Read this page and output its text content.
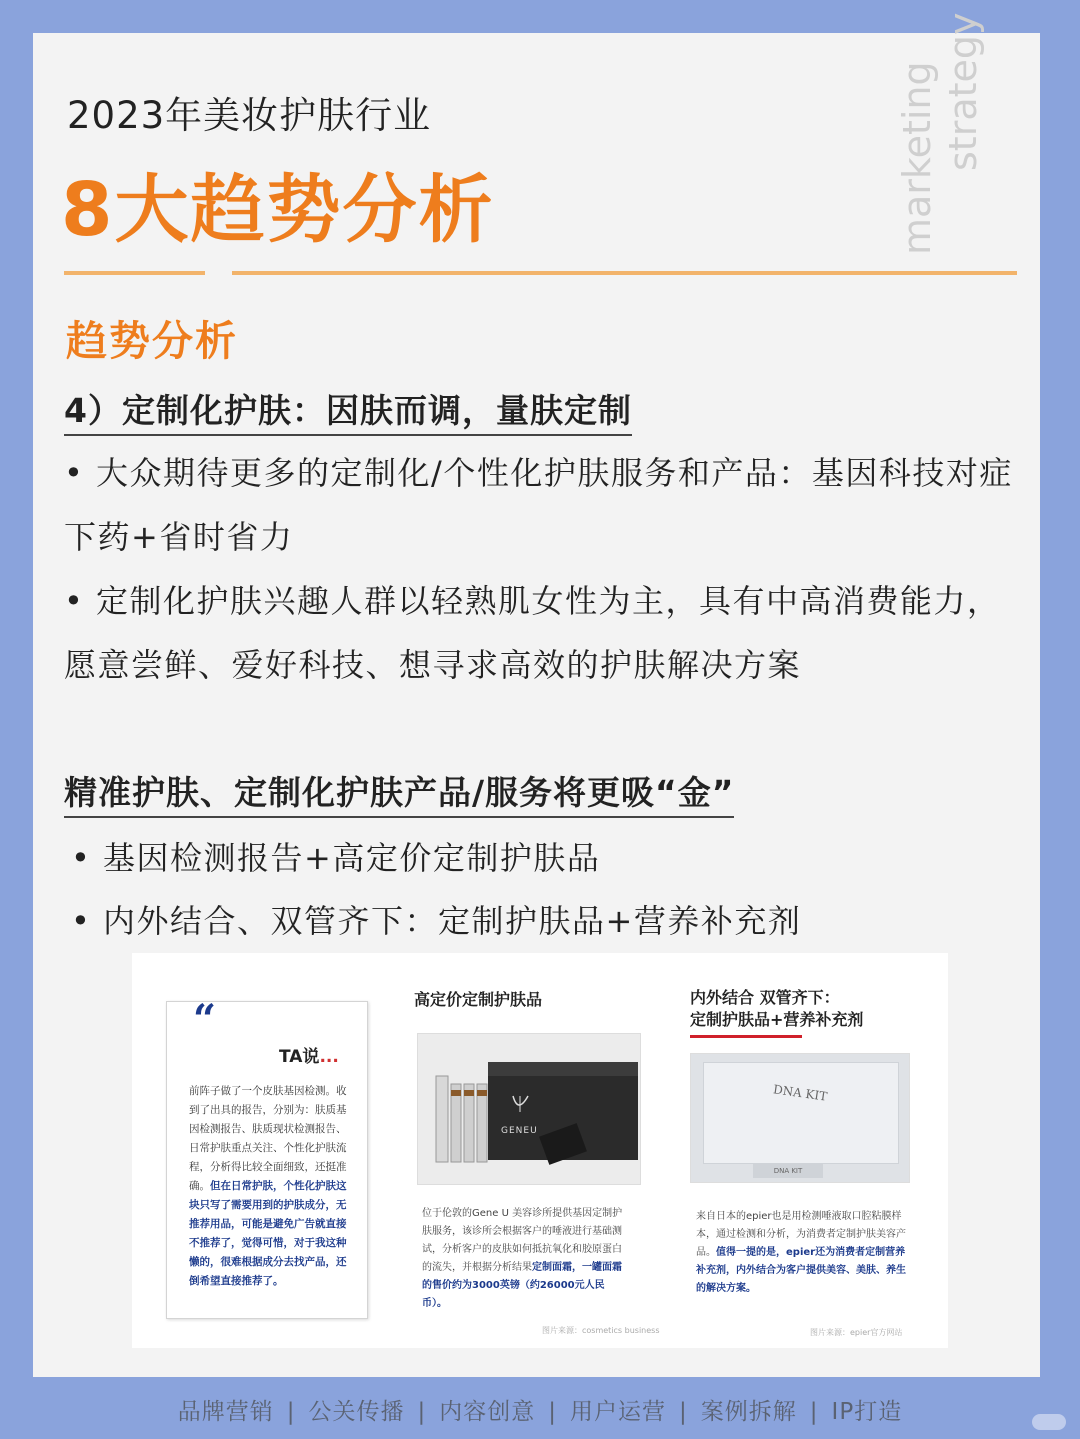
2023年美妆护肤行业
8大趋势分析	marketing strategy
趋势分析
4）定制化护肤：因肤而调，量肤定制
• 大众期待更多的定制化/个性化护肤服务和产品：基因科技对症下药+省时省力
• 定制化护肤兴趣人群以轻熟肌女性为主，具有中高消费能力，愿意尝鲜、爱好科技、想寻求高效的护肤解决方案
精准护肤、定制化护肤产品/服务将更吸“金”
• 基因检测报告+高定价定制护肤品
• 内外结合、双管齐下：定制护肤品+营养补充剂
“
TA说...
前阵子做了一个皮肤基因检测。收到了出具的报告，分别为：肤质基因检测报告、肤质现状检测报告、日常护肤重点关注、个性化护肤流程，分析得比较全面细致，还挺准确。但在日常护肤，个性化护肤这块只写了需要用到的护肤成分，无推荐用品，可能是避免广告就直接不推荐了，觉得可惜，对于我这种懒的，很难根据成分去找产品，还倒希望直接推荐了。
高定价定制护肤品
GENEU
位于伦敦的Gene U 美容诊所提供基因定制护肤服务，该诊所会根据客户的唾液进行基础测试，分析客户的皮肤如何抵抗氧化和胶原蛋白的流失，并根据分析结果定制面霜，一罐面霜的售价约为3000英镑（约26000元人民币）。
图片来源：cosmetics business
内外结合 双管齐下：
定制护肤品+营养补充剂
DNA KIT
DNA KIT
来自日本的epier也是用检测唾液取口腔粘膜样本，通过检测和分析，为消费者定制护肤美容产品。值得一提的是，epier还为消费者定制营养补充剂，内外结合为客户提供美容、美肤、养生的解决方案。
图片来源：epier官方网站
品牌营销 | 公关传播 | 内容创意 | 用户运营 | 案例拆解 | IP打造
